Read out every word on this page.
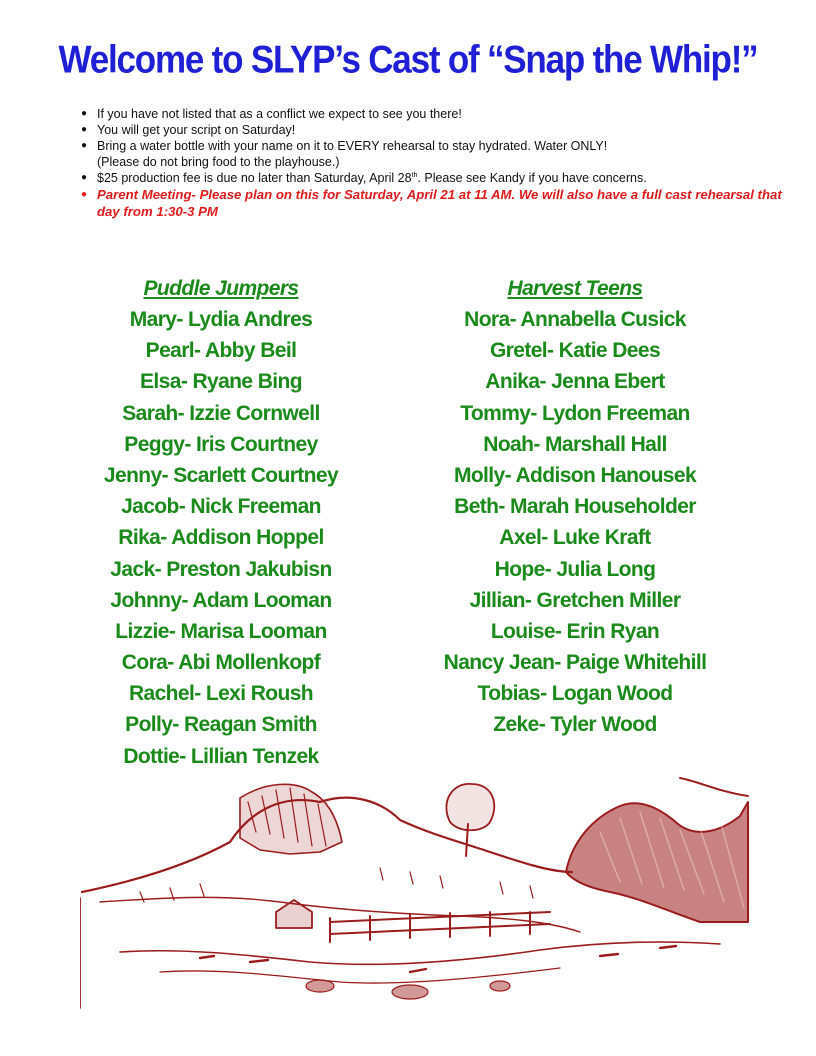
Welcome to SLYP’s Cast of “Snap the Whip!”
● If you have not listed that as a conflict we expect to see you there!
● You will get your script on Saturday!
● Bring a water bottle with your name on it to EVERY rehearsal to stay hydrated. Water ONLY!
(Please do not bring food to the playhouse.)
● $25 production fee is due no later than Saturday, April 28th. Please see Kandy if you have concerns.
● Parent Meeting- Please plan on this for Saturday, April 21 at 11 AM. We will also have a full cast rehearsal that day from 1:30-3 PM
Puddle Jumpers
Mary- Lydia Andres
Pearl- Abby Beil
Elsa- Ryane Bing
Sarah- Izzie Cornwell
Peggy- Iris Courtney
Jenny- Scarlett Courtney
Jacob- Nick Freeman
Rika- Addison Hoppel
Jack- Preston Jakubisn
Johnny- Adam Looman
Lizzie- Marisa Looman
Cora- Abi Mollenkopf
Rachel- Lexi Roush
Polly- Reagan Smith
Dottie- Lillian Tenzek
Harvest Teens
Nora- Annabella Cusick
Gretel- Katie Dees
Anika- Jenna Ebert
Tommy- Lydon Freeman
Noah- Marshall Hall
Molly- Addison Hanousek
Beth- Marah Householder
Axel- Luke Kraft
Hope- Julia Long
Jillian- Gretchen Miller
Louise- Erin Ryan
Nancy Jean- Paige Whitehill
Tobias- Logan Wood
Zeke- Tyler Wood
